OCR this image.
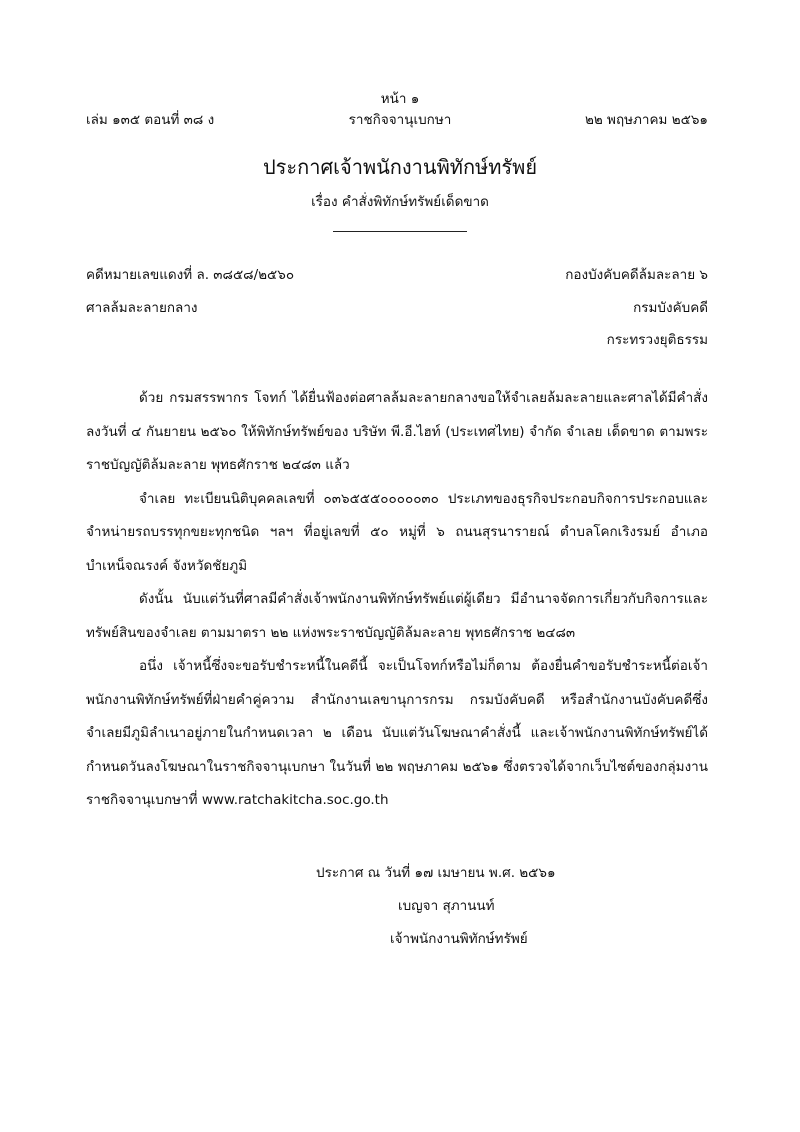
หน้า ๑
เล่ม ๑๓๕ ตอนที่ ๓๘ ง	ราชกิจจานุเบกษา	๒๒ พฤษภาคม ๒๕๖๑
ประกาศเจ้าพนักงานพิทักษ์ทรัพย์
เรื่อง คำสั่งพิทักษ์ทรัพย์เด็ดขาด
คดีหมายเลขแดงที่ ล. ๓๘๕๘/๒๕๖๐
ศาลล้มละลายกลาง
กองบังคับคดีล้มละลาย ๖
กรมบังคับคดี
กระทรวงยุติธรรม

ด้วย กรมสรรพากร โจทก์ ได้ยื่นฟ้องต่อศาลล้มละลายกลางขอให้จำเลยล้มละลายและศาลได้มีคำสั่งลงวันที่ ๔ กันยายน ๒๕๖๐ ให้พิทักษ์ทรัพย์ของ บริษัท พี.อี.ไฮท์ (ประเทศไทย) จำกัด จำเลย เด็ดขาด ตามพระราชบัญญัติล้มละลาย พุทธศักราช ๒๔๘๓ แล้ว

จำเลย ทะเบียนนิติบุคคลเลขที่ ๐๓๖๕๕๕๐๐๐๐๐๓๐ ประเภทของธุรกิจประกอบกิจการประกอบและจำหน่ายรถบรรทุกขยะทุกชนิด ฯลฯ ที่อยู่เลขที่ ๕๐ หมู่ที่ ๖ ถนนสุรนารายณ์ ตำบลโคกเริงรมย์ อำเภอบำเหน็จณรงค์ จังหวัดชัยภูมิ

ดังนั้น นับแต่วันที่ศาลมีคำสั่งเจ้าพนักงานพิทักษ์ทรัพย์แต่ผู้เดียว มีอำนาจจัดการเกี่ยวกับกิจการและทรัพย์สินของจำเลย ตามมาตรา ๒๒ แห่งพระราชบัญญัติล้มละลาย พุทธศักราช ๒๔๘๓

อนึ่ง เจ้าหนี้ซึ่งจะขอรับชำระหนี้ในคดีนี้ จะเป็นโจทก์หรือไม่ก็ตาม ต้องยื่นคำขอรับชำระหนี้ต่อเจ้าพนักงานพิทักษ์ทรัพย์ที่ฝ่ายคำคู่ความ สำนักงานเลขานุการกรม กรมบังคับคดี หรือสำนักงานบังคับคดีซึ่งจำเลยมีภูมิลำเนาอยู่ภายในกำหนดเวลา ๒ เดือน นับแต่วันโฆษณาคำสั่งนี้ และเจ้าพนักงานพิทักษ์ทรัพย์ได้กำหนดวันลงโฆษณาในราชกิจจานุเบกษา ในวันที่ ๒๒ พฤษภาคม ๒๕๖๑ ซึ่งตรวจได้จากเว็บไซต์ของกลุ่มงานราชกิจจานุเบกษาที่ www.ratchakitcha.soc.go.th

ประกาศ ณ วันที่ ๑๗ เมษายน พ.ศ. ๒๕๖๑
เบญจา สุภานนท์
เจ้าพนักงานพิทักษ์ทรัพย์
